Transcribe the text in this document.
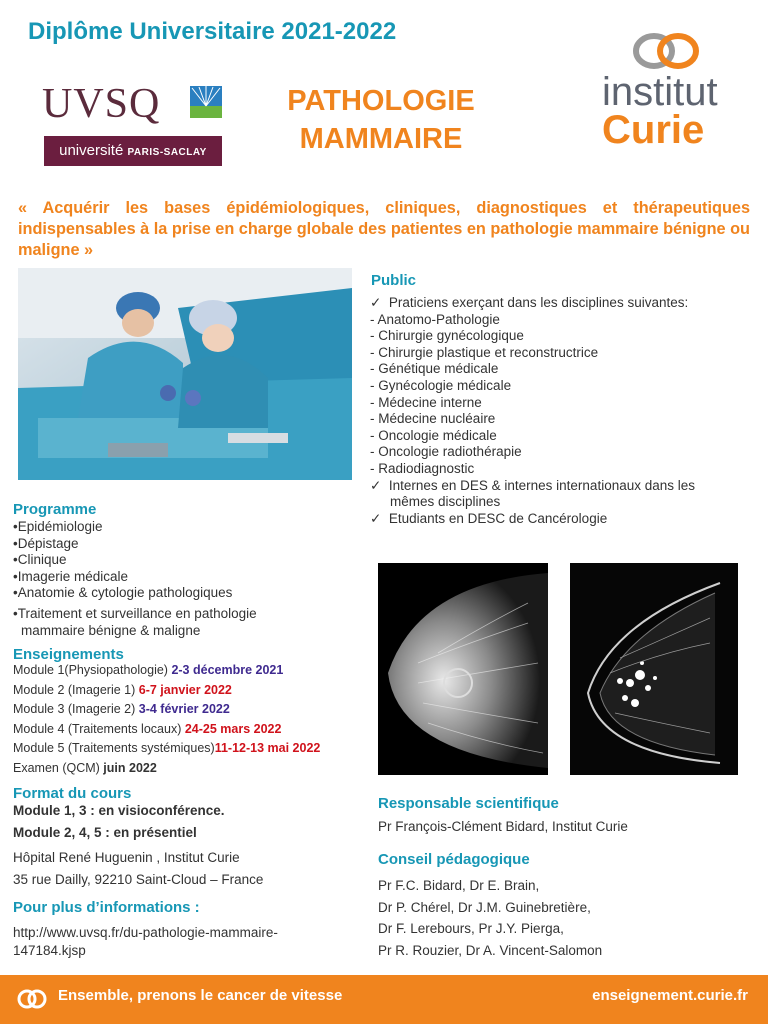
Diplôme Universitaire 2021-2022
UVSQ
université PARIS-SACLAY
PATHOLOGIE
MAMMAIRE
institut
Curie

« Acquérir les bases épidémiologiques, cliniques, diagnostiques et thérapeutiques indispensables à la prise en charge globale des patientes en pathologie mammaire bénigne ou maligne »

Public
✓  Praticiens exerçant dans les disciplines suivantes:
- Anatomo-Pathologie
- Chirurgie gynécologique
- Chirurgie plastique et reconstructrice
- Génétique médicale
- Gynécologie médicale
- Médecine interne
- Médecine nucléaire
- Oncologie médicale
- Oncologie radiothérapie
- Radiodiagnostic
✓  Internes en DES & internes internationaux dans les
mêmes disciplines
✓  Etudiants en DESC de Cancérologie
Programme
•Epidémiologie
•Dépistage
•Clinique
•Imagerie médicale
•Anatomie & cytologie pathologiques
•Traitement et surveillance en pathologie
mammaire bénigne & maligne
Enseignements
Module 1(Physiopathologie) 2-3 décembre 2021
Module 2 (Imagerie 1) 6-7 janvier 2022
Module 3 (Imagerie 2) 3-4 février 2022
Module 4 (Traitements locaux) 24-25 mars 2022
Module 5 (Traitements systémiques)11-12-13 mai 2022
Examen (QCM) juin 2022
Format du cours
Module 1, 3 : en visioconférence.
Module 2, 4, 5 : en présentiel
Hôpital René Huguenin , Institut Curie
35 rue Dailly, 92210 Saint-Cloud – France
Pour plus d’informations :
http://www.uvsq.fr/du-pathologie-mammaire-
147184.kjsp
Responsable scientifique
Pr François-Clément Bidard, Institut Curie
Conseil pédagogique
Pr F.C. Bidard, Dr E. Brain,
Dr P. Chérel, Dr J.M. Guinebretière,
Dr F. Lerebours, Pr J.Y. Pierga,
Pr R. Rouzier, Dr A. Vincent-Salomon
Ensemble, prenons le cancer de vitesse	enseignement.curie.fr
